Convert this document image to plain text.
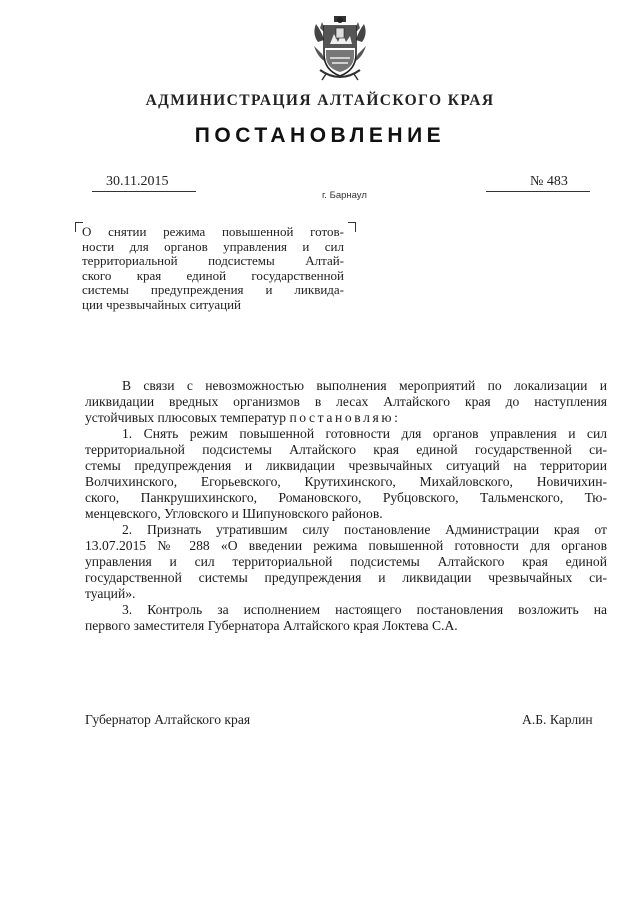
АДМИНИСТРАЦИЯ АЛТАЙСКОГО КРАЯ
ПОСТАНОВЛЕНИЕ
30.11.2015	№ 483
г. Барнаул
О снятии режима повышенной готов-
ности для органов управления и сил
территориальной подсистемы Алтай-
ского края единой государственной
системы предупреждения и ликвида-
ции чрезвычайных ситуаций
В связи с невозможностью выполнения мероприятий по локализации и
ликвидации вредных организмов в лесах Алтайского края до наступления
устойчивых плюсовых температур постановляю:
1. Снять режим повышенной готовности для органов управления и сил
территориальной подсистемы Алтайского края единой государственной си-
стемы предупреждения и ликвидации чрезвычайных ситуаций на территории
Волчихинского, Егорьевского, Крутихинского, Михайловского, Новичихин-
ского, Панкрушихинского, Романовского, Рубцовского, Тальменского, Тю-
менцевского, Угловского и Шипуновского районов.
2. Признать утратившим силу постановление Администрации края от
13.07.2015 № 288 «О введении режима повышенной готовности для органов
управления и сил территориальной подсистемы Алтайского края единой
государственной системы предупреждения и ликвидации чрезвычайных си-
туаций».
3. Контроль за исполнением настоящего постановления возложить на
первого заместителя Губернатора Алтайского края Локтева С.А.
Губернатор Алтайского края	А.Б. Карлин
